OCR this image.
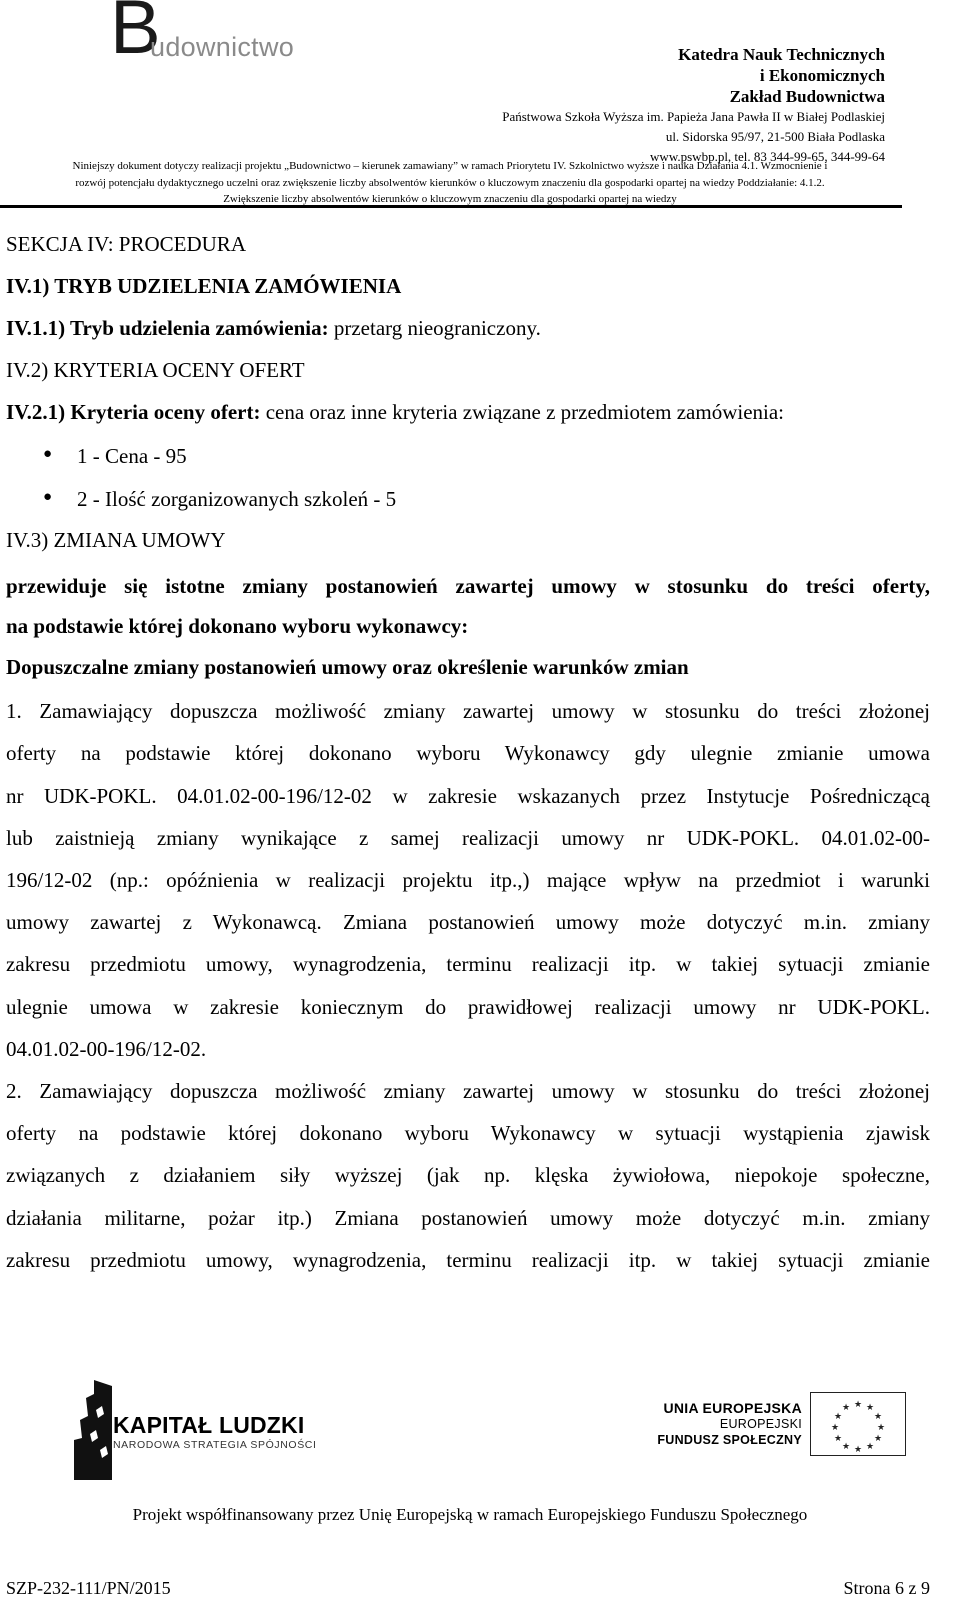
B
udownictwo	Katedra Nauk Technicznych
i Ekonomicznych
Zakład Budownictwa
Państwowa Szkoła Wyższa im. Papieża Jana Pawła II w Białej Podlaskiej
ul. Sidorska 95/97, 21-500 Biała Podlaska
www.pswbp.pl, tel. 83 344-99-65, 344-99-64
Niniejszy dokument dotyczy realizacji projektu „Budownictwo – kierunek zamawiany” w ramach Priorytetu IV. Szkolnictwo wyższe i nauka Działania 4.1. Wzmocnienie i
rozwój potencjału dydaktycznego uczelni oraz zwiększenie liczby absolwentów kierunków o kluczowym znaczeniu dla gospodarki opartej na wiedzy Poddziałanie: 4.1.2.
Zwiększenie liczby absolwentów kierunków o kluczowym znaczeniu dla gospodarki opartej na wiedzy
SEKCJA IV: PROCEDURA
IV.1) TRYB UDZIELENIA ZAMÓWIENIA
IV.1.1) Tryb udzielenia zamówienia: przetarg nieograniczony.
IV.2) KRYTERIA OCENY OFERT
IV.2.1) Kryteria oceny ofert: cena oraz inne kryteria związane z przedmiotem zamówienia:
● 1 - Cena - 95
● 2 - Ilość zorganizowanych szkoleń - 5
IV.3) ZMIANA UMOWY
przewiduje się istotne zmiany postanowień zawartej umowy w stosunku do treści oferty,
na podstawie której dokonano wyboru wykonawcy:
Dopuszczalne zmiany postanowień umowy oraz określenie warunków zmian
1. Zamawiający dopuszcza możliwość zmiany zawartej umowy w stosunku do treści złożonej
oferty na podstawie której dokonano wyboru Wykonawcy gdy ulegnie zmianie umowa
nr UDK-POKL. 04.01.02-00-196/12-02 w zakresie wskazanych przez Instytucje Pośredniczącą
lub zaistnieją zmiany wynikające z samej realizacji umowy nr UDK-POKL. 04.01.02-00-
196/12-02 (np.: opóźnienia w realizacji projektu itp.,) mające wpływ na przedmiot i warunki
umowy zawartej z Wykonawcą. Zmiana postanowień umowy może dotyczyć m.in. zmiany
zakresu przedmiotu umowy, wynagrodzenia, terminu realizacji itp. w takiej sytuacji zmianie
ulegnie umowa w zakresie koniecznym do prawidłowej realizacji umowy nr UDK-POKL.
04.01.02-00-196/12-02.
2. Zamawiający dopuszcza możliwość zmiany zawartej umowy w stosunku do treści złożonej
oferty na podstawie której dokonano wyboru Wykonawcy w sytuacji wystąpienia zjawisk
związanych z działaniem siły wyższej (jak np. klęska żywiołowa, niepokoje społeczne,
działania militarne, pożar itp.) Zmiana postanowień umowy może dotyczyć m.in. zmiany
zakresu przedmiotu umowy, wynagrodzenia, terminu realizacji itp. w takiej sytuacji zmianie
KAPITAŁ LUDZKI
NARODOWA STRATEGIA SPÓJNOŚCI
UNIA EUROPEJSKA
EUROPEJSKI
FUNDUSZ SPOŁECZNY
★ ★
★
★
★
★
★
★
★
★
★
★
Projekt współfinansowany przez Unię Europejską w ramach Europejskiego Funduszu Społecznego
SZP-232-111/PN/2015	Strona 6 z 9
